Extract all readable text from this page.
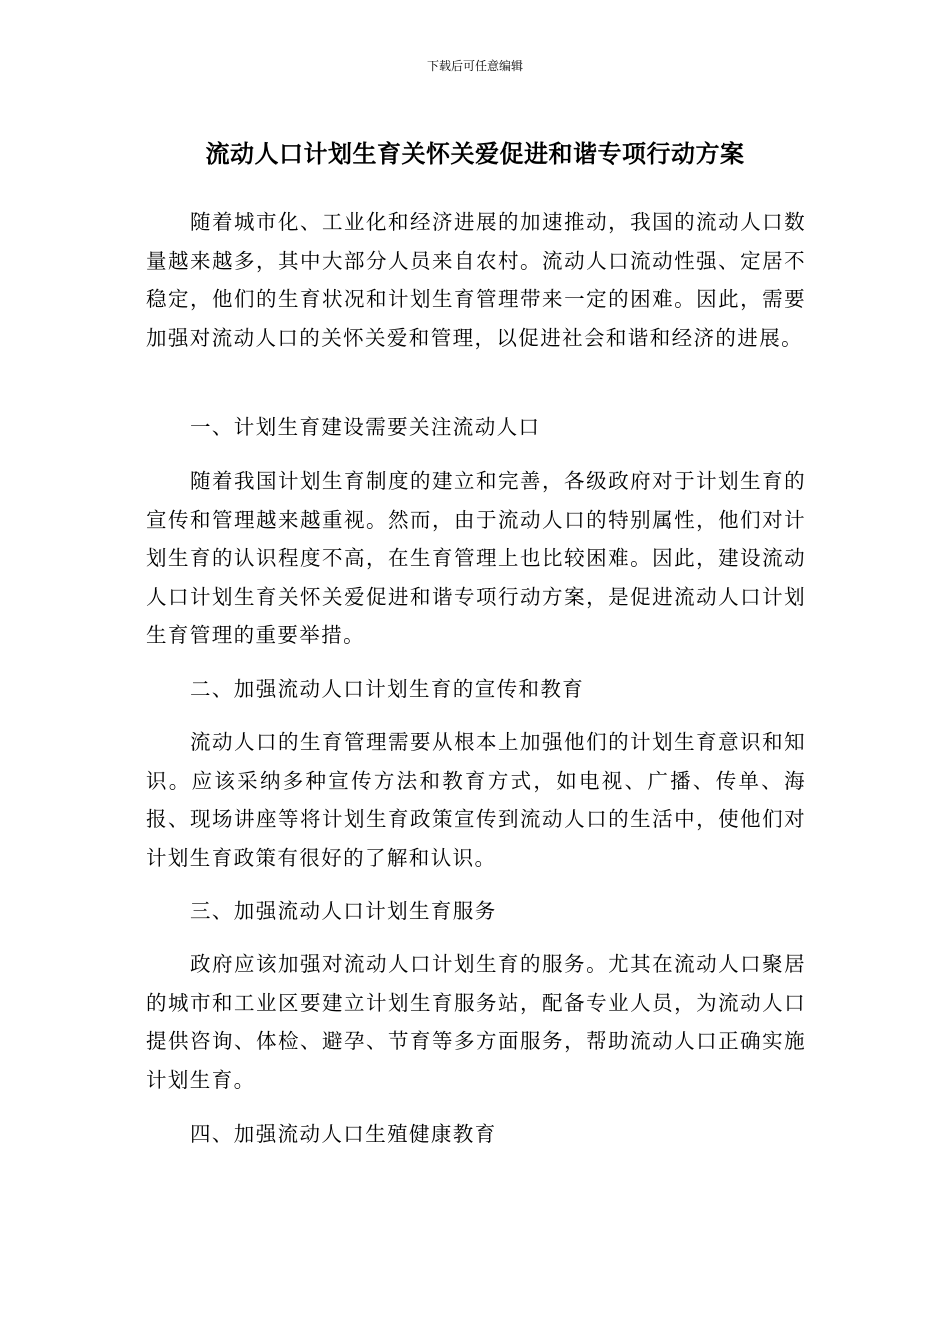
下载后可任意编辑
流动人口计划生育关怀关爱促进和谐专项行动方案

随着城市化、工业化和经济进展的加速推动，我国的流动人口数量越来越多，其中大部分人员来自农村。流动人口流动性强、定居不稳定，他们的生育状况和计划生育管理带来一定的困难。因此，需要加强对流动人口的关怀关爱和管理，以促进社会和谐和经济的进展。

一、计划生育建设需要关注流动人口

随着我国计划生育制度的建立和完善，各级政府对于计划生育的宣传和管理越来越重视。然而，由于流动人口的特别属性，他们对计划生育的认识程度不高，在生育管理上也比较困难。因此，建设流动人口计划生育关怀关爱促进和谐专项行动方案，是促进流动人口计划生育管理的重要举措。

二、加强流动人口计划生育的宣传和教育

流动人口的生育管理需要从根本上加强他们的计划生育意识和知识。应该采纳多种宣传方法和教育方式，如电视、广播、传单、海报、现场讲座等将计划生育政策宣传到流动人口的生活中，使他们对计划生育政策有很好的了解和认识。

三、加强流动人口计划生育服务

政府应该加强对流动人口计划生育的服务。尤其在流动人口聚居的城市和工业区要建立计划生育服务站，配备专业人员，为流动人口提供咨询、体检、避孕、节育等多方面服务，帮助流动人口正确实施计划生育。

四、加强流动人口生殖健康教育
